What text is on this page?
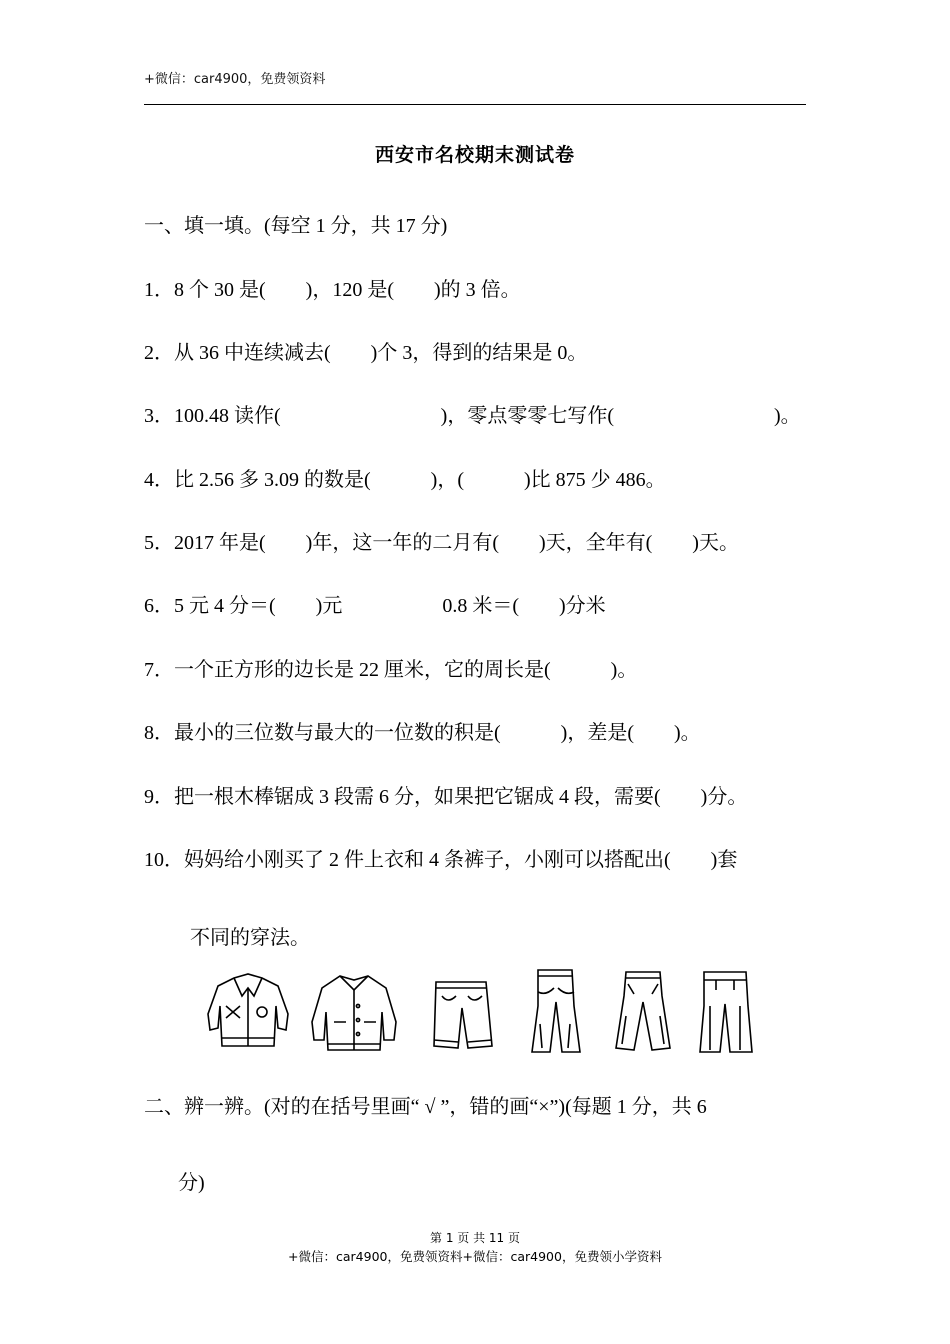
+微信：car4900，免费领资料
西安市名校期末测试卷
一、填一填。(每空 1 分，共 17 分)
1．8 个 30 是(　　)，120 是(　　)的 3 倍。
2．从 36 中连续减去(　　)个 3，得到的结果是 0。
3．100.48 读作(　　　　　　　　)，零点零零七写作(　　　　　　　　)。
4．比 2.56 多 3.09 的数是(　　　)，(　　　)比 875 少 486。
5．2017 年是(　　)年，这一年的二月有(　　)天，全年有(　　)天。
6．5 元 4 分＝(　　)元　　　　　0.8 米＝(　　)分米
7．一个正方形的边长是 22 厘米，它的周长是(　　　)。
8．最小的三位数与最大的一位数的积是(　　　)，差是(　　)。
9．把一根木棒锯成 3 段需 6 分，如果把它锯成 4 段，需要(　　)分。
10．妈妈给小刚买了 2 件上衣和 4 条裤子，小刚可以搭配出(　　)套
不同的穿法。
二、辨一辨。(对的在括号里画“ √ ”，错的画“×”)(每题 1 分，共 6
分)
第 1 页 共 11 页
+微信：car4900，免费领资料+微信：car4900，免费领小学资料
